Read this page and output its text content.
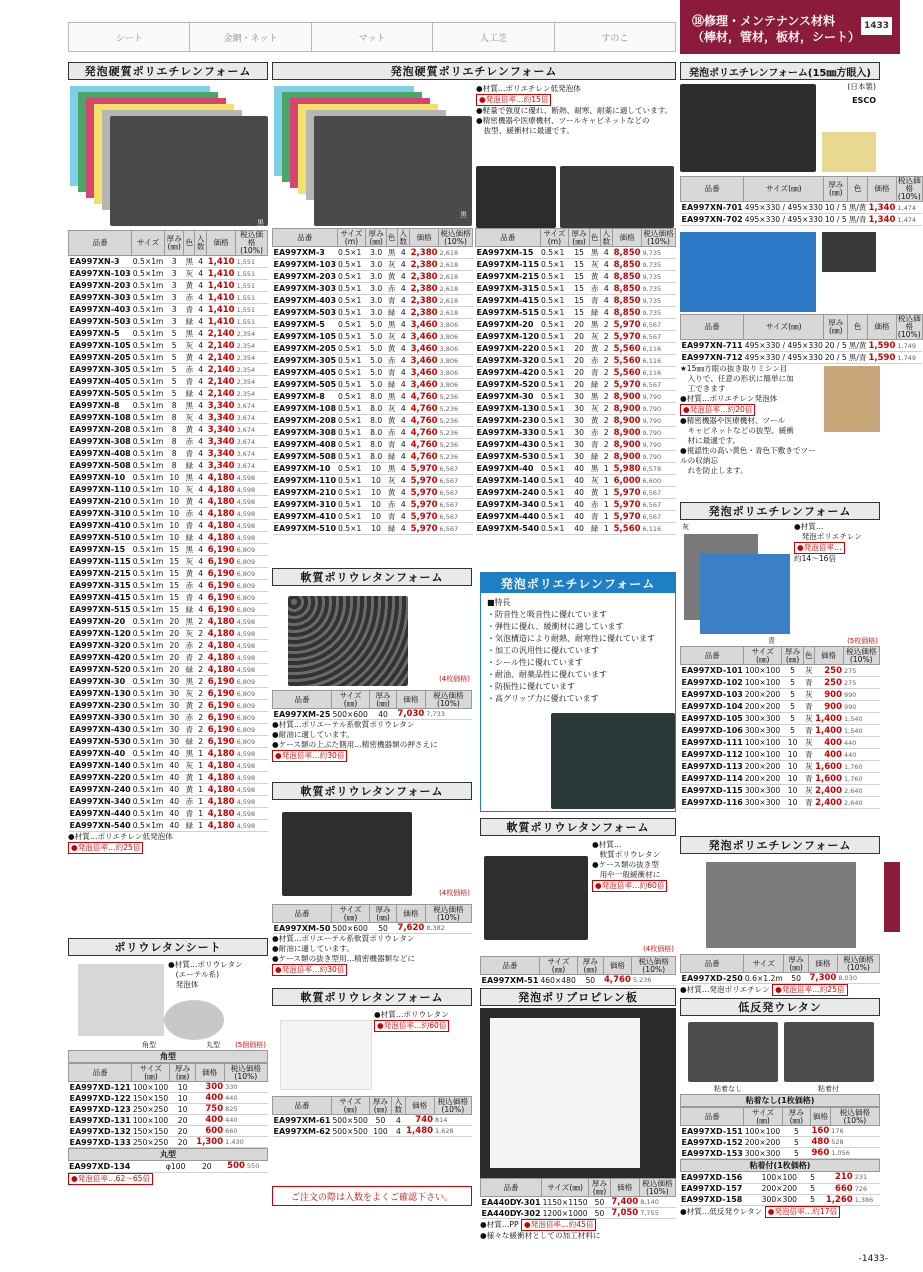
シート	金網・ネット	マット	人工芝	すのこ
⑱修理・メンテナンス材料
（棒材，管材，板材，シート）
1433
発泡硬質ポリエチレンフォーム
黒
品番	サイズ	厚み(㎜)	色	入数	価格	税込価格(10%)
EA997XN-3	0.5×1m	3	黒	4	1,410	1,551
EA997XN-103	0.5×1m	3	灰	4	1,410	1,551
EA997XN-203	0.5×1m	3	黄	4	1,410	1,551
EA997XN-303	0.5×1m	3	赤	4	1,410	1,551
EA997XN-403	0.5×1m	3	青	4	1,410	1,551
EA997XN-503	0.5×1m	3	緑	4	1,410	1,551
EA997XN-5	0.5×1m	5	黒	4	2,140	2,354
EA997XN-105	0.5×1m	5	灰	4	2,140	2,354
EA997XN-205	0.5×1m	5	黄	4	2,140	2,354
EA997XN-305	0.5×1m	5	赤	4	2,140	2,354
EA997XN-405	0.5×1m	5	青	4	2,140	2,354
EA997XN-505	0.5×1m	5	緑	4	2,140	2,354
EA997XN-8	0.5×1m	8	黒	4	3,340	3,674
EA997XN-108	0.5×1m	8	灰	4	3,340	3,674
EA997XN-208	0.5×1m	8	黄	4	3,340	3,674
EA997XN-308	0.5×1m	8	赤	4	3,340	3,674
EA997XN-408	0.5×1m	8	青	4	3,340	3,674
EA997XN-508	0.5×1m	8	緑	4	3,340	3,674
EA997XN-10	0.5×1m	10	黒	4	4,180	4,598
EA997XN-110	0.5×1m	10	灰	4	4,180	4,598
EA997XN-210	0.5×1m	10	黄	4	4,180	4,598
EA997XN-310	0.5×1m	10	赤	4	4,180	4,598
EA997XN-410	0.5×1m	10	青	4	4,180	4,598
EA997XN-510	0.5×1m	10	緑	4	4,180	4,598
EA997XN-15	0.5×1m	15	黒	4	6,190	6,809
EA997XN-115	0.5×1m	15	灰	4	6,190	6,809
EA997XN-215	0.5×1m	15	黄	4	6,190	6,809
EA997XN-315	0.5×1m	15	赤	4	6,190	6,809
EA997XN-415	0.5×1m	15	青	4	6,190	6,809
EA997XN-515	0.5×1m	15	緑	4	6,190	6,809
EA997XN-20	0.5×1m	20	黒	2	4,180	4,598
EA997XN-120	0.5×1m	20	灰	2	4,180	4,598
EA997XN-320	0.5×1m	20	赤	2	4,180	4,598
EA997XN-420	0.5×1m	20	青	2	4,180	4,598
EA997XN-520	0.5×1m	20	緑	2	4,180	4,598
EA997XN-30	0.5×1m	30	黒	2	6,190	6,809
EA997XN-130	0.5×1m	30	灰	2	6,190	6,809
EA997XN-230	0.5×1m	30	黄	2	6,190	6,809
EA997XN-330	0.5×1m	30	赤	2	6,190	6,809
EA997XN-430	0.5×1m	30	青	2	6,190	6,809
EA997XN-530	0.5×1m	30	緑	2	6,190	6,809
EA997XN-40	0.5×1m	40	黒	1	4,180	4,598
EA997XN-140	0.5×1m	40	灰	1	4,180	4,598
EA997XN-220	0.5×1m	40	黄	1	4,180	4,598
EA997XN-240	0.5×1m	40	黄	1	4,180	4,598
EA997XN-340	0.5×1m	40	赤	1	4,180	4,598
EA997XN-440	0.5×1m	40	青	1	4,180	4,598
EA997XN-540	0.5×1m	40	緑	1	4,180	4,598
●材質…ポリエチレン低発泡体
●発泡倍率…約25倍
発泡硬質ポリエチレンフォーム
黒
●材質…ポリエチレン低発泡体
●発泡倍率…約15倍
●軽量で強度に優れ、断熱、耐寒、耐薬に適しています。
●精密機器や医療機材、ツールキャビネットなどの
　抜型、緩衝材に最適です。
品番	サイズ(m)	厚み(㎜)	色	入数	価格	税込価格(10%)
EA997XM-3	0.5×1	3.0	黒	4	2,380	2,618
EA997XM-103	0.5×1	3.0	灰	4	2,380	2,618
EA997XM-203	0.5×1	3.0	黄	4	2,380	2,618
EA997XM-303	0.5×1	3.0	赤	4	2,380	2,618
EA997XM-403	0.5×1	3.0	青	4	2,380	2,618
EA997XM-503	0.5×1	3.0	緑	4	2,380	2,618
EA997XM-5	0.5×1	5.0	黒	4	3,460	3,806
EA997XM-105	0.5×1	5.0	灰	4	3,460	3,806
EA997XM-205	0.5×1	5.0	黄	4	3,460	3,806
EA997XM-305	0.5×1	5.0	赤	4	3,460	3,806
EA997XM-405	0.5×1	5.0	青	4	3,460	3,806
EA997XM-505	0.5×1	5.0	緑	4	3,460	3,806
EA997XM-8	0.5×1	8.0	黒	4	4,760	5,236
EA997XM-108	0.5×1	8.0	灰	4	4,760	5,236
EA997XM-208	0.5×1	8.0	黄	4	4,760	5,236
EA997XM-308	0.5×1	8.0	赤	4	4,760	5,236
EA997XM-408	0.5×1	8.0	青	4	4,760	5,236
EA997XM-508	0.5×1	8.0	緑	4	4,760	5,236
EA997XM-10	0.5×1	10	黒	4	5,970	6,567
EA997XM-110	0.5×1	10	灰	4	5,970	6,567
EA997XM-210	0.5×1	10	黄	4	5,970	6,567
EA997XM-310	0.5×1	10	赤	4	5,970	6,567
EA997XM-410	0.5×1	10	青	4	5,970	6,567
EA997XM-510	0.5×1	10	緑	4	5,970	6,567
品番	サイズ(m)	厚み(㎜)	色	入数	価格	税込価格(10%)
EA997XM-15	0.5×1	15	黒	4	8,850	9,735
EA997XM-115	0.5×1	15	灰	4	8,850	9,735
EA997XM-215	0.5×1	15	黄	4	8,850	9,735
EA997XM-315	0.5×1	15	赤	4	8,850	9,735
EA997XM-415	0.5×1	15	青	4	8,850	9,735
EA997XM-515	0.5×1	15	緑	4	8,850	9,735
EA997XM-20	0.5×1	20	黒	2	5,970	6,567
EA997XM-120	0.5×1	20	灰	2	5,970	6,567
EA997XM-220	0.5×1	20	黄	2	5,560	6,116
EA997XM-320	0.5×1	20	赤	2	5,560	6,116
EA997XM-420	0.5×1	20	青	2	5,560	6,116
EA997XM-520	0.5×1	20	緑	2	5,970	6,567
EA997XM-30	0.5×1	30	黒	2	8,900	9,790
EA997XM-130	0.5×1	30	灰	2	8,900	9,790
EA997XM-230	0.5×1	30	黄	2	8,900	9,790
EA997XM-330	0.5×1	30	赤	2	8,900	9,790
EA997XM-430	0.5×1	30	青	2	8,900	9,790
EA997XM-530	0.5×1	30	緑	2	8,900	9,790
EA997XM-40	0.5×1	40	黒	1	5,980	6,578
EA997XM-140	0.5×1	40	灰	1	6,000	6,600
EA997XM-240	0.5×1	40	黄	1	5,970	6,567
EA997XM-340	0.5×1	40	赤	1	5,970	6,567
EA997XM-440	0.5×1	40	青	1	5,970	6,567
EA997XM-540	0.5×1	40	緑	1	5,560	6,116
軟質ポリウレタンフォーム
(4枚価格)
品番	サイズ(㎜)	厚み(㎜)	価格	税込価格(10%)
EA997XM-25	500×600	40	7,030	7,733
●材質…ポリエーテル系軟質ポリウレタン
●耐油に適しています。
●ケース類の上ぶた側用…精密機器類の押さえに
●発泡倍率…約30倍
軟質ポリウレタンフォーム
(4枚価格)
品番	サイズ(㎜)	厚み(㎜)	価格	税込価格(10%)
EA997XM-50	500×600	50	7,620	8,382
●材質…ポリエーテル系軟質ポリウレタン
●耐油に適しています。
●ケース類の抜き型用…精密機器類などに
●発泡倍率…約30倍
軟質ポリウレタンフォーム
●材質…ポリウレタン
●発泡倍率…約60倍
品番	サイズ(㎜)	厚み(㎜)	入数	価格	税込価格(10%)
EA997XM-61	500×500	50	4	740	814
EA997XM-62	500×500	100	4	1,480	1,628
ご注文の際は入数をよくご確認下さい。
発泡ポリエチレンフォーム
■特長
・防音性と吸音性に優れています
・弾性に優れ、緩衝材に適しています
・気泡構造により耐熱、耐寒性に優れています
・加工の汎用性に優れています
・シール性に優れています
・耐油、耐薬品性に優れています
・防振性に優れています
・高グリップ力に優れています
軟質ポリウレタンフォーム
●材質…
　軟質ポリウレタン
●ケース類の抜き型
　用や一般緩衝材に
●発泡倍率…約60倍
(4枚価格)
品番	サイズ(㎜)	厚み(㎜)	価格	税込価格(10%)
EA997XM-51	460×480	50	4,760	5,236
発泡ポリプロピレン板
品番	サイズ(㎜)	厚み(㎜)	価格	税込価格(10%)
EA440DY-301	1150×1150	50	7,400	8,140
EA440DY-302	1200×1000	50	7,050	7,755
●材質…PP ●発泡倍率…約45倍
●様々な緩衝材としての加工材料に
ポリウレタンシート
●材質…ポリウレタン
　(エーテル系)
　発泡体
角型	丸型 (5個価格)
角型
品番	サイズ(㎜)	厚み(㎜)	価格	税込価格(10%)
EA997XD-121	100×100	10	300	330
EA997XD-122	150×150	10	400	440
EA997XD-123	250×250	10	750	825
EA997XD-131	100×100	20	400	440
EA997XD-132	150×150	20	600	660
EA997XD-133	250×250	20	1,300	1,430
丸型
EA997XD-134	φ100	20	500	550
●発泡倍率…62～65倍
発泡ポリエチレンフォーム(15㎜方眼入)
(日本製)
ESCO
品番	サイズ(㎜)	厚み(㎜)	色	価格	税込価格(10%)
EA997XN-701	495×330 / 495×330	10 / 5	黒/黄	1,340	1,474
EA997XN-702	495×330 / 495×330	10 / 5	黒/青	1,340	1,474
品番	サイズ(㎜)	厚み(㎜)	色	価格	税込価格(10%)
EA997XN-711	495×330 / 495×330	20 / 5	黒/黄	1,590	1,749
EA997XN-712	495×330 / 495×330	20 / 5	黒/青	1,590	1,749
★15㎜方眼の抜き取りミシン目
　入りで、任意の形状に簡単に加
　工できます
●材質…ポリエチレン発泡体
●発泡倍率…約20倍
●精密機器や医療機材、ツール
　キャビネットなどの抜型、緩衝
　材に最適です。
●視認性の高い黄色・青色下敷きでツールの収納忘
　れを防止します。
発泡ポリエチレンフォーム
灰
青
●材質…
　発泡ポリエチレン
●発泡倍率…
約14～16倍
(5枚価格)
品番	サイズ(㎜)	厚み(㎜)	色	価格	税込価格(10%)
EA997XD-101	100×100	5	灰	250	275
EA997XD-102	100×100	5	青	250	275
EA997XD-103	200×200	5	灰	900	990
EA997XD-104	200×200	5	青	900	990
EA997XD-105	300×300	5	灰	1,400	1,540
EA997XD-106	300×300	5	青	1,400	1,540
EA997XD-111	100×100	10	灰	400	440
EA997XD-112	100×100	10	青	400	440
EA997XD-113	200×200	10	灰	1,600	1,760
EA997XD-114	200×200	10	青	1,600	1,760
EA997XD-115	300×300	10	灰	2,400	2,640
EA997XD-116	300×300	10	青	2,400	2,640
発泡ポリエチレンフォーム
品番	サイズ	厚み(㎜)	価格	税込価格(10%)
EA997XD-250	0.6×1.2m	50	7,300	8,030
●材質…発泡ポリエチレン ●発泡倍率…約25倍
低反発ウレタン
粘着なし	粘着付
粘着なし(1枚価格)
品番	サイズ(㎜)	厚み(㎜)	価格	税込価格(10%)
EA997XD-151	100×100	5	160	176
EA997XD-152	200×200	5	480	528
EA997XD-153	300×300	5	960	1,056
粘着付(1枚価格)
EA997XD-156	100×100	5	210	231
EA997XD-157	200×200	5	660	726
EA997XD-158	300×300	5	1,260	1,386
●材質…低反発ウレタン ●発泡倍率…約17倍
-1433-
